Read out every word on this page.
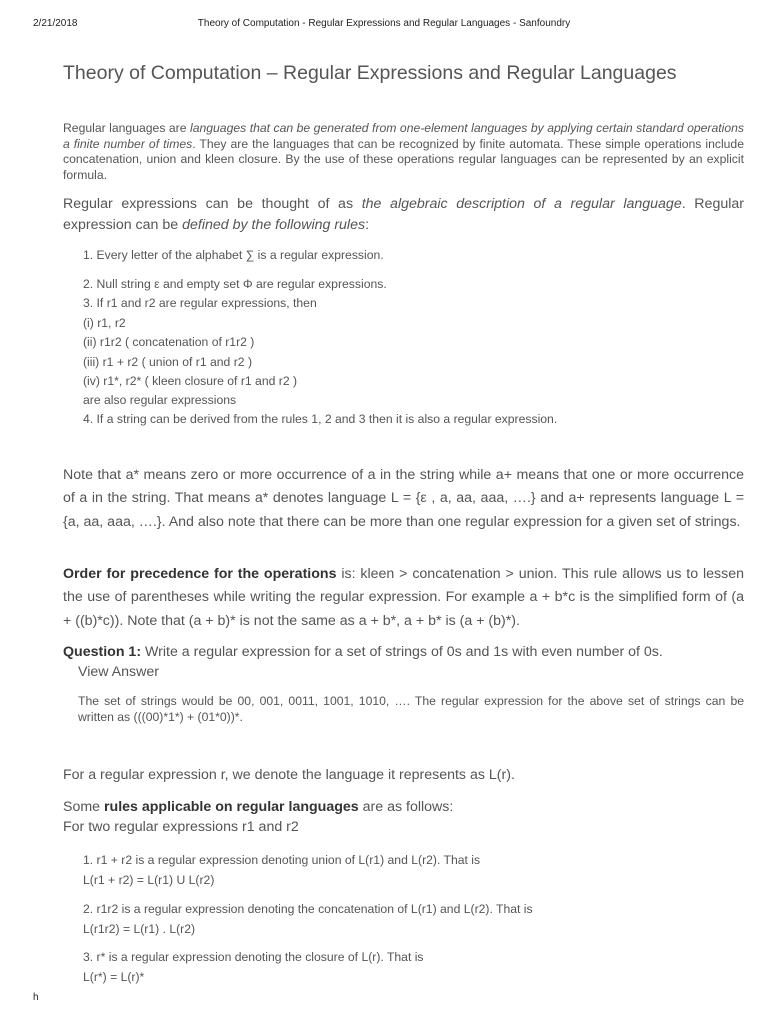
2/21/2018	Theory of Computation - Regular Expressions and Regular Languages - Sanfoundry
Theory of Computation – Regular Expressions and Regular Languages

Regular languages are languages that can be generated from one-element languages by applying certain standard operations a finite number of times. They are the languages that can be recognized by finite automata. These simple operations include concatenation, union and kleen closure. By the use of these operations regular languages can be represented by an explicit formula.

Regular expressions can be thought of as the algebraic description of a regular language. Regular expression can be defined by the following rules:

1. Every letter of the alphabet ∑ is a regular expression.
2. Null string ε and empty set Φ are regular expressions.
3. If r1 and r2 are regular expressions, then
(i) r1, r2
(ii) r1r2 ( concatenation of r1r2 )
(iii) r1 + r2 ( union of r1 and r2 )
(iv) r1*, r2* ( kleen closure of r1 and r2 )
are also regular expressions
4. If a string can be derived from the rules 1, 2 and 3 then it is also a regular expression.

Note that a* means zero or more occurrence of a in the string while a+ means that one or more occurrence of a in the string. That means a* denotes language L = {ε , a, aa, aaa, ….} and a+ represents language L = {a, aa, aaa, ….}. And also note that there can be more than one regular expression for a given set of strings.

Order for precedence for the operations is: kleen > concatenation > union. This rule allows us to lessen the use of parentheses while writing the regular expression. For example a + b*c is the simplified form of (a + ((b)*c)). Note that (a + b)* is not the same as a + b*, a + b* is (a + (b)*).

Question 1: Write a regular expression for a set of strings of 0s and 1s with even number of 0s.
View Answer
The set of strings would be 00, 001, 0011, 1001, 1010, …. The regular expression for the above set of strings can be written as (((00)*1*) + (01*0))*.
For a regular expression r, we denote the language it represents as L(r).
Some rules applicable on regular languages are as follows:
For two regular expressions r1 and r2
1. r1 + r2 is a regular expression denoting union of L(r1) and L(r2). That is
L(r1 + r2) = L(r1) U L(r2)
2. r1r2 is a regular expression denoting the concatenation of L(r1) and L(r2). That is
L(r1r2) = L(r1) . L(r2)
3. r* is a regular expression denoting the closure of L(r). That is
L(r*) = L(r)*
h
